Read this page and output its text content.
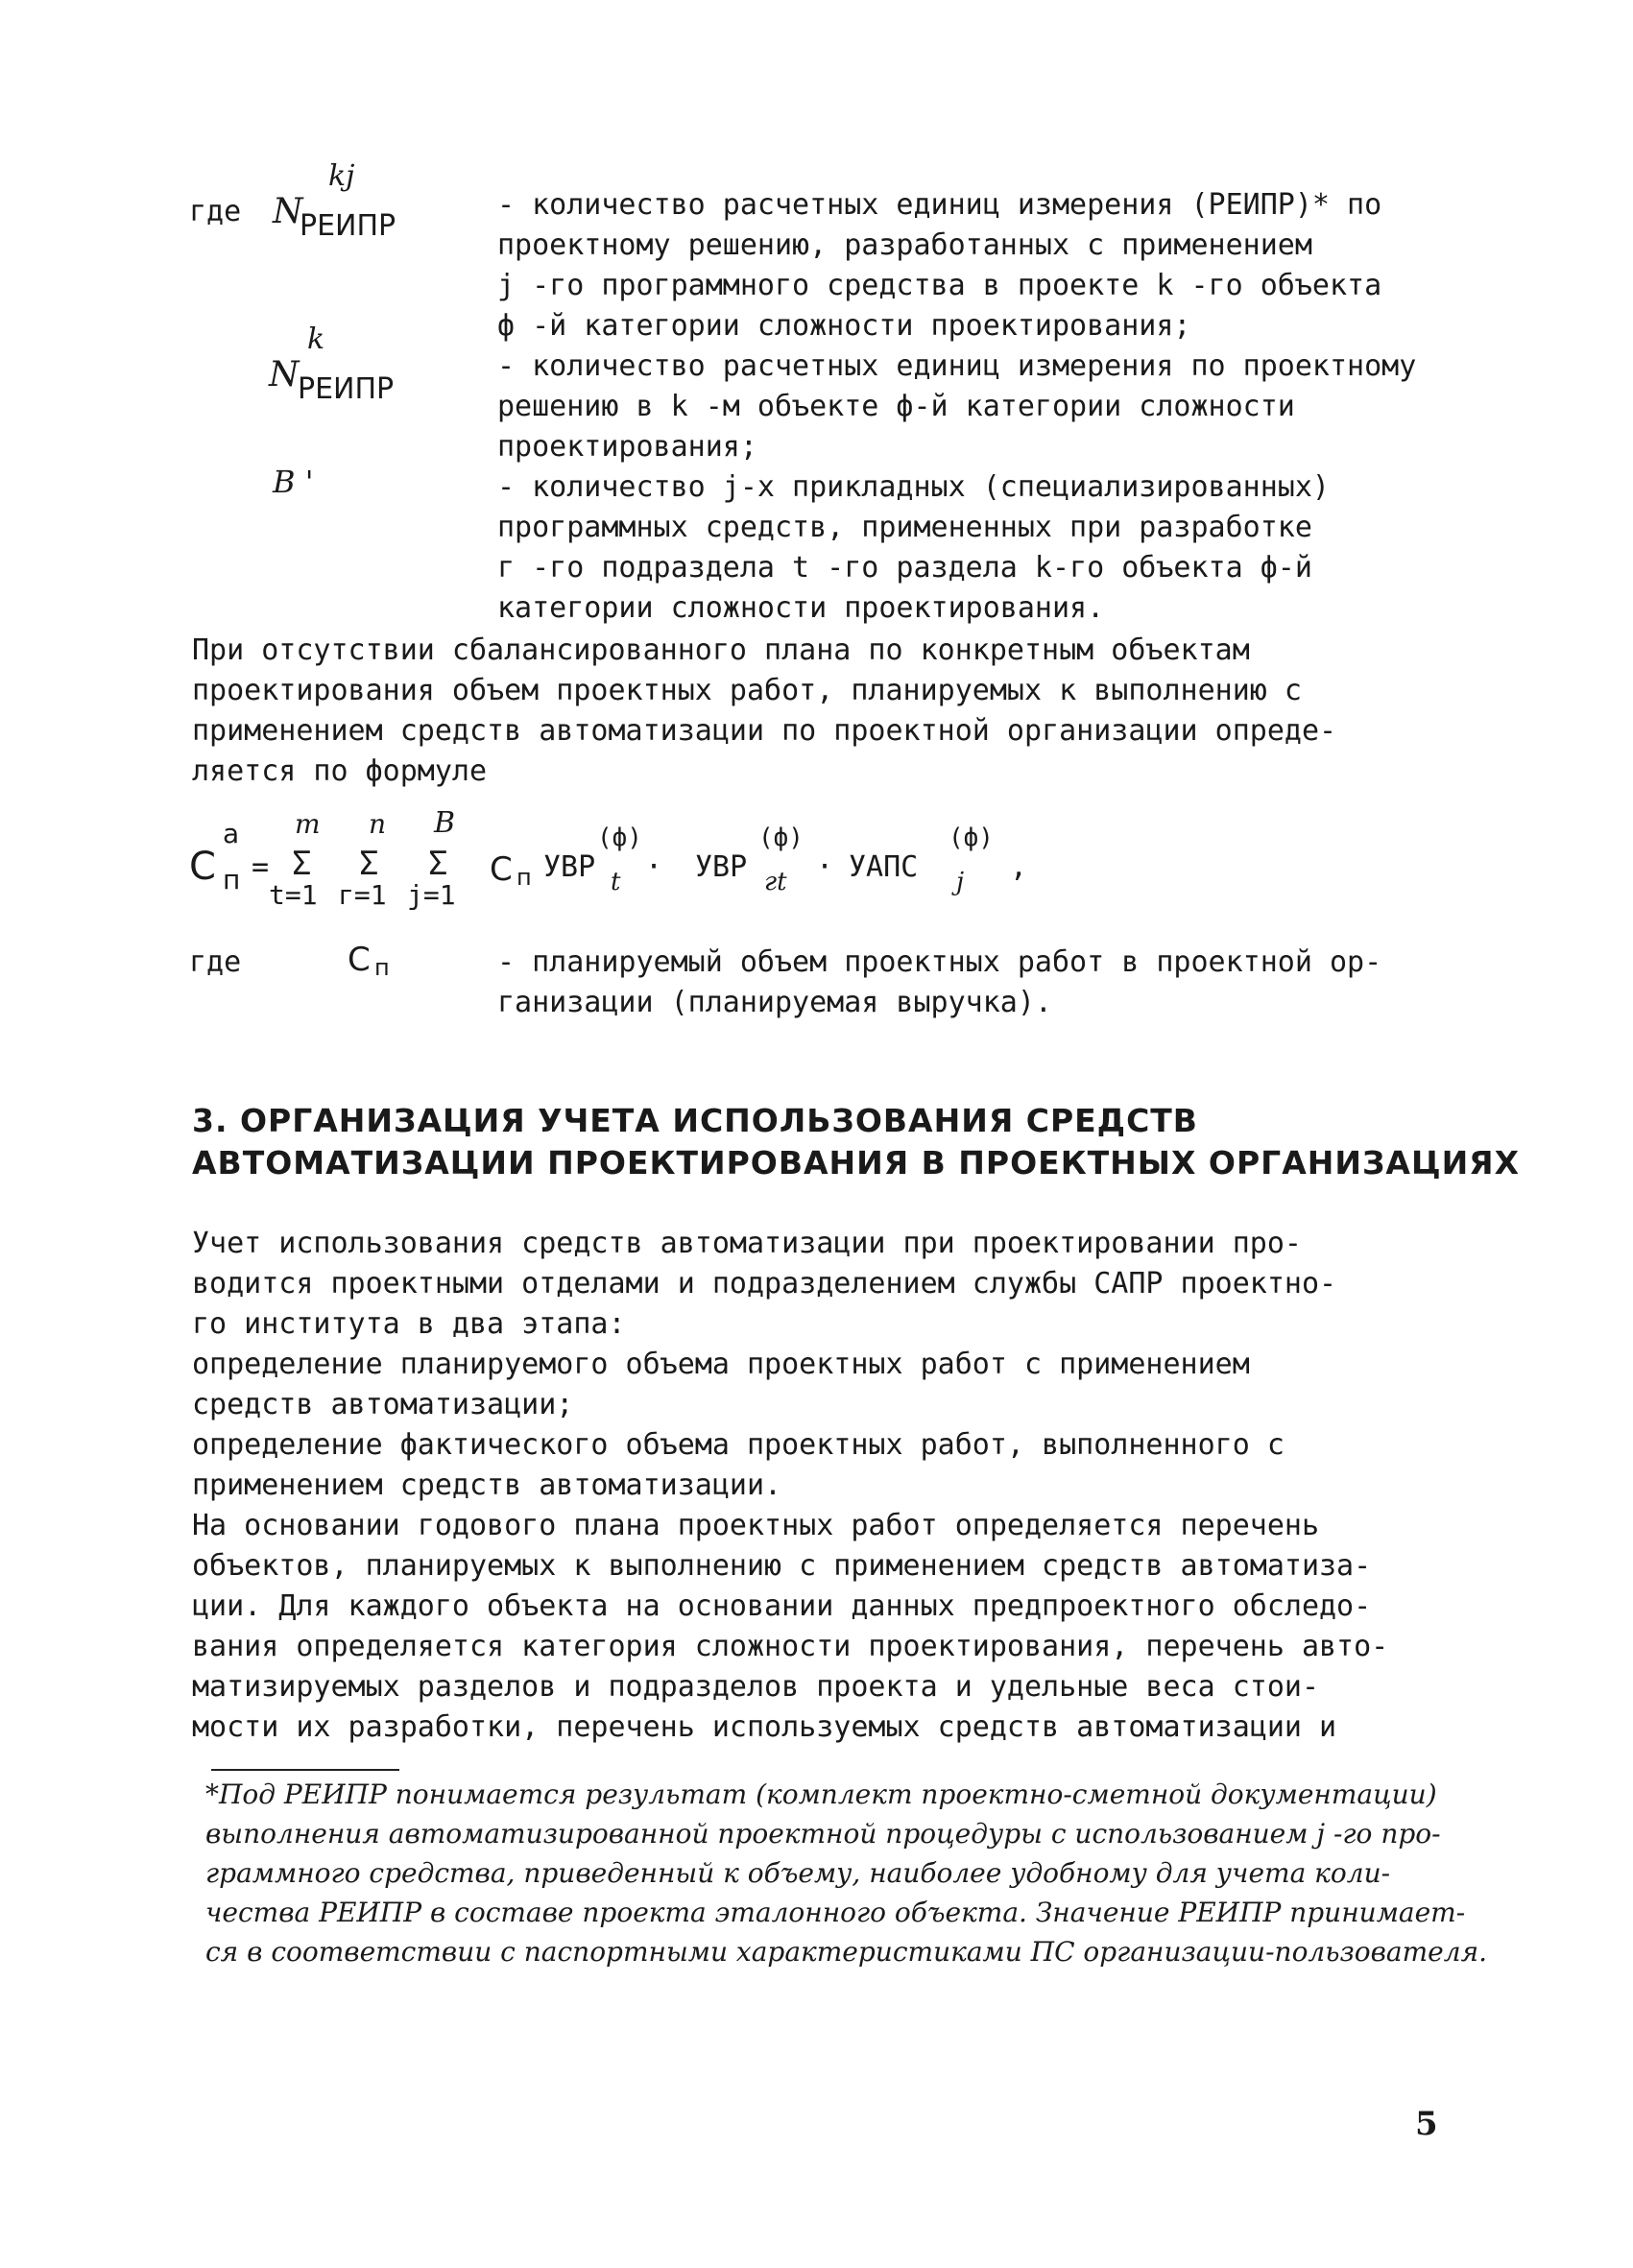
где
kj
N
РЕИПР
k
N
РЕИПР
B '
- количество расчетных единиц измерения (РЕИПР)* по
проектному решению, разработанных с применением
j -го программного средства в проекте k -го объекта
ф -й категории сложности проектирования;
- количество расчетных единиц измерения по проектному
решению в k -м объекте ф-й категории сложности
проектирования;
- количество j-х прикладных (специализированных)
программных средств, примененных при разработке
г -го подраздела t -го раздела k-го объекта ф-й
категории сложности проектирования.
При отсутствии сбалансированного плана по конкретным объектам
проектирования объем проектных работ, планируемых к выполнению с
применением средств автоматизации по проектной организации опреде-
ляется по формуле
С
а
п =
m
Σ
t=1
n
Σ
г=1
B
Σ
j=1
С п УВР
(ф)
t · УВР
(ф)
гt · УАПС
(ф)
j ,
где	С п	- планируемый объем проектных работ в проектной ор-
ганизации (планируемая выручка).
3. ОРГАНИЗАЦИЯ УЧЕТА ИСПОЛЬЗОВАНИЯ СРЕДСТВ
АВТОМАТИЗАЦИИ ПРОЕКТИРОВАНИЯ В ПРОЕКТНЫХ ОРГАНИЗАЦИЯХ
Учет использования средств автоматизации при проектировании про-
водится проектными отделами и подразделением службы САПР проектно-
го института в два этапа:
определение планируемого объема проектных работ с применением
средств автоматизации;
определение фактического объема проектных работ, выполненного с
применением средств автоматизации.
На основании годового плана проектных работ определяется перечень
объектов, планируемых к выполнению с применением средств автоматиза-
ции. Для каждого объекта на основании данных предпроектного обследо-
вания определяется категория сложности проектирования, перечень авто-
матизируемых разделов и подразделов проекта и удельные веса стои-
мости их разработки, перечень используемых средств автоматизации и
*Под РЕИПР понимается результат (комплект проектно-сметной документации)
выполнения автоматизированной проектной процедуры с использованием j -го про-
граммного средства, приведенный к объему, наиболее удобному для учета коли-
чества РЕИПР в составе проекта эталонного объекта. Значение РЕИПР принимает-
ся в соответствии с паспортными характеристиками ПС организации-пользователя.
5
